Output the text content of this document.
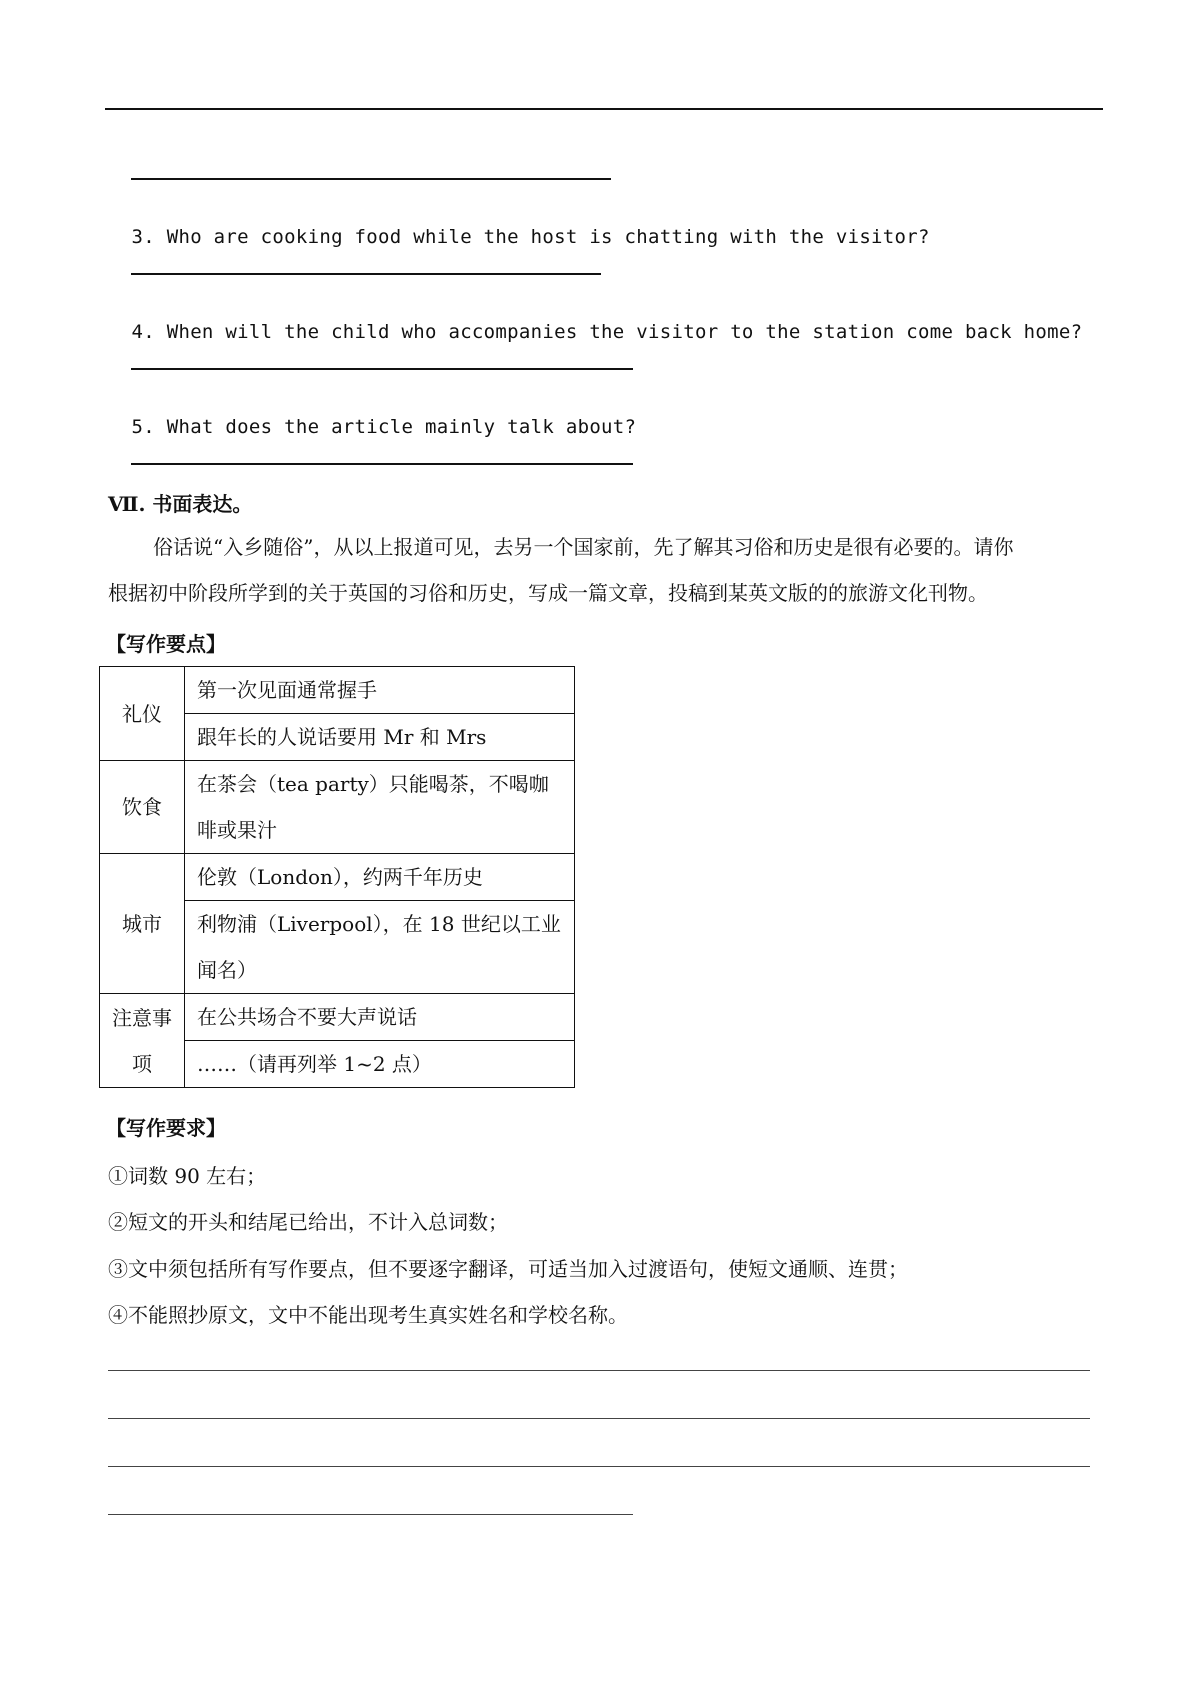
3. Who are cooking food while the host is chatting with the visitor?

4. When will the child who accompanies the visitor to the station come back home?

5. What does the article mainly talk about?

Ⅶ. 书面表达。
俗话说“入乡随俗”，从以上报道可见，去另一个国家前，先了解其习俗和历史是很有必要的。请你
根据初中阶段所学到的关于英国的习俗和历史，写成一篇文章，投稿到某英文版的的旅游文化刊物。
【写作要点】
礼仪	第一次见面通常握手
	跟年长的人说话要用 Mr 和 Mrs
饮食	在茶会（tea party）只能喝茶，不喝咖啡或果汁
城市	伦敦（London），约两千年历史
	利物浦（Liverpool），在 18 世纪以工业闻名）
注意事项	在公共场合不要大声说话
	……（请再列举 1~2 点）
【写作要求】
①词数 90 左右；
②短文的开头和结尾已给出，不计入总词数；
③文中须包括所有写作要点，但不要逐字翻译，可适当加入过渡语句，使短文通顺、连贯；
④不能照抄原文，文中不能出现考生真实姓名和学校名称。
